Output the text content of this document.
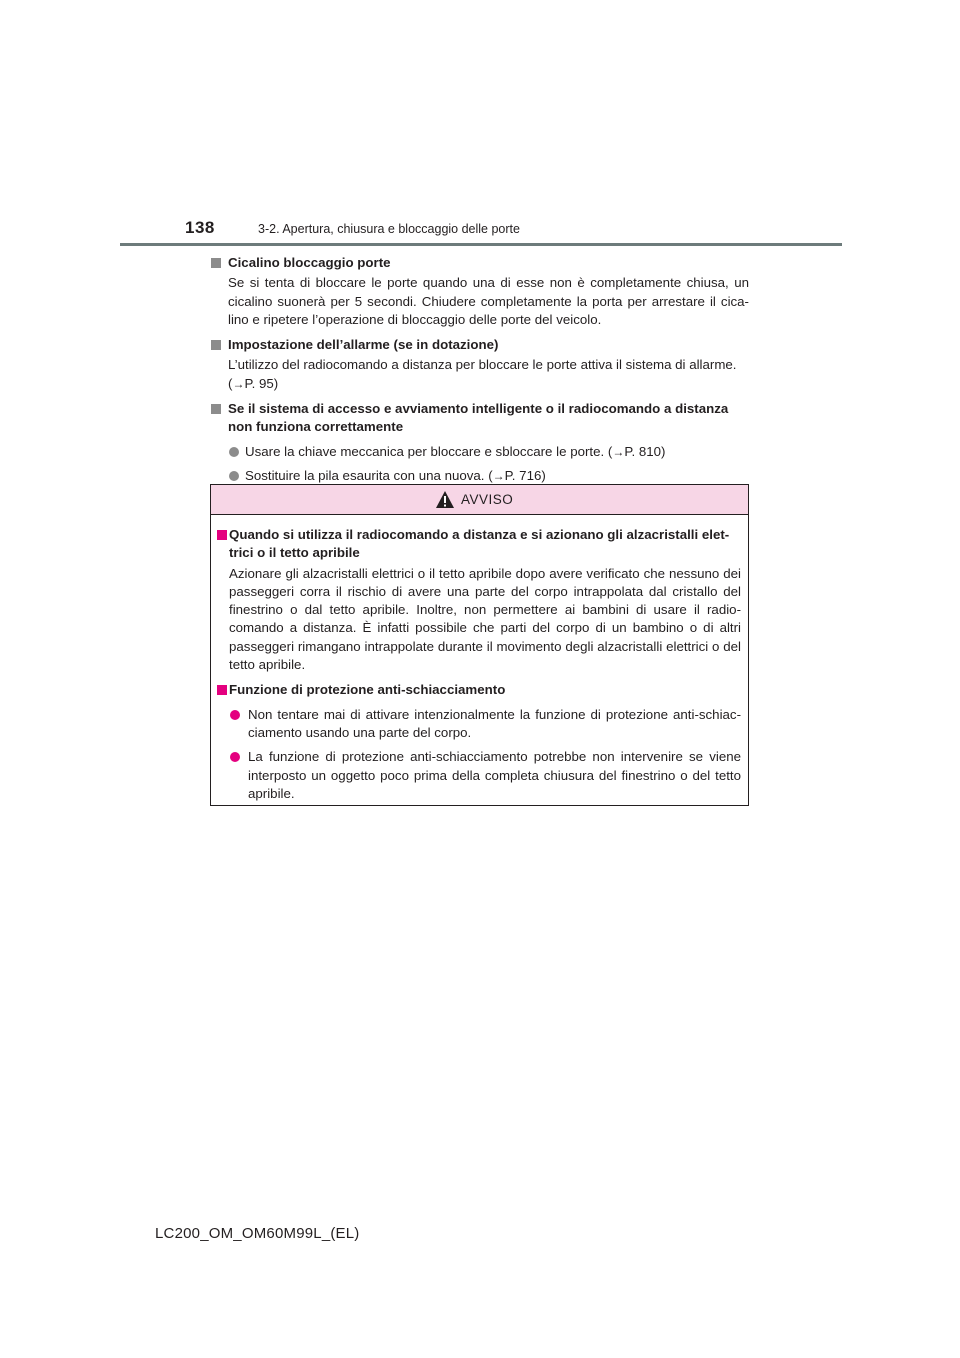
138	3-2. Apertura, chiusura e bloccaggio delle porte

Cicalino bloccaggio porte

Se si tenta di bloccare le porte quando una di esse non è completamente chiusa, un cicalino suonerà per 5 secondi. Chiudere completamente la porta per arrestare il cica-lino e ripetere l’operazione di bloccaggio delle porte del veicolo.

Impostazione dell’allarme (se in dotazione)

L’utilizzo del radiocomando a distanza per bloccare le porte attiva il sistema di allarme.
(→P. 95)

Se il sistema di accesso e avviamento intelligente o il radiocomando a distanza non funziona correttamente

Usare la chiave meccanica per bloccare e sbloccare le porte. (→P. 810)

Sostituire la pila esaurita con una nuova. (→P. 716)

AVVISO

Quando si utilizza il radiocomando a distanza e si azionano gli alzacristalli elet-trici o il tetto apribile

Azionare gli alzacristalli elettrici o il tetto apribile dopo avere verificato che nessuno dei passeggeri corra il rischio di avere una parte del corpo intrappolata dal cristallo del finestrino o dal tetto apribile. Inoltre, non permettere ai bambini di usare il radio-comando a distanza. È infatti possibile che parti del corpo di un bambino o di altri passeggeri rimangano intrappolate durante il movimento degli alzacristalli elettrici o del tetto apribile.

Funzione di protezione anti-schiacciamento

Non tentare mai di attivare intenzionalmente la funzione di protezione anti-schiac-ciamento usando una parte del corpo.

La funzione di protezione anti-schiacciamento potrebbe non intervenire se viene interposto un oggetto poco prima della completa chiusura del finestrino o del tetto apribile.

LC200_OM_OM60M99L_(EL)
